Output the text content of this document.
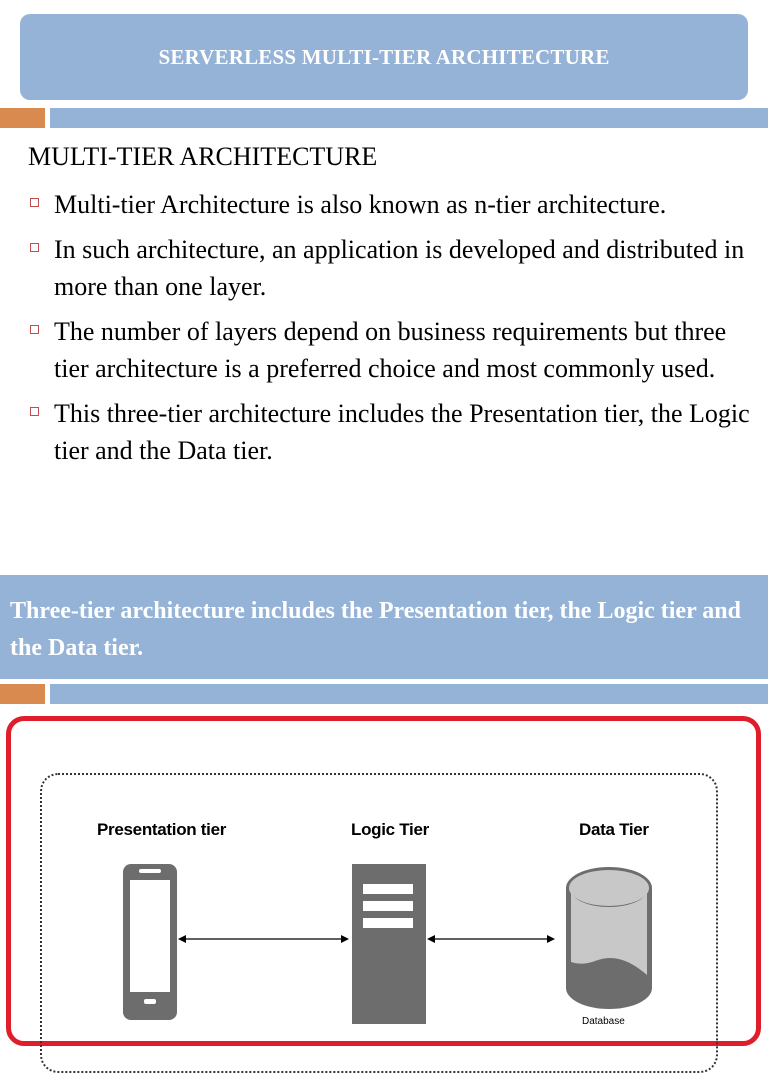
SERVERLESS MULTI-TIER ARCHITECTURE
MULTI-TIER ARCHITECTURE
Multi-tier Architecture is also known as n-tier architecture.
In such architecture, an application is developed and distributed in more than one layer.
The number of layers depend on business requirements but three tier architecture is a preferred choice and most commonly used.
This three-tier architecture includes the Presentation tier, the Logic tier and the Data tier.
Three-tier architecture includes the Presentation tier, the Logic tier and the Data tier.
Presentation tier	Logic Tier	Data Tier
Database
